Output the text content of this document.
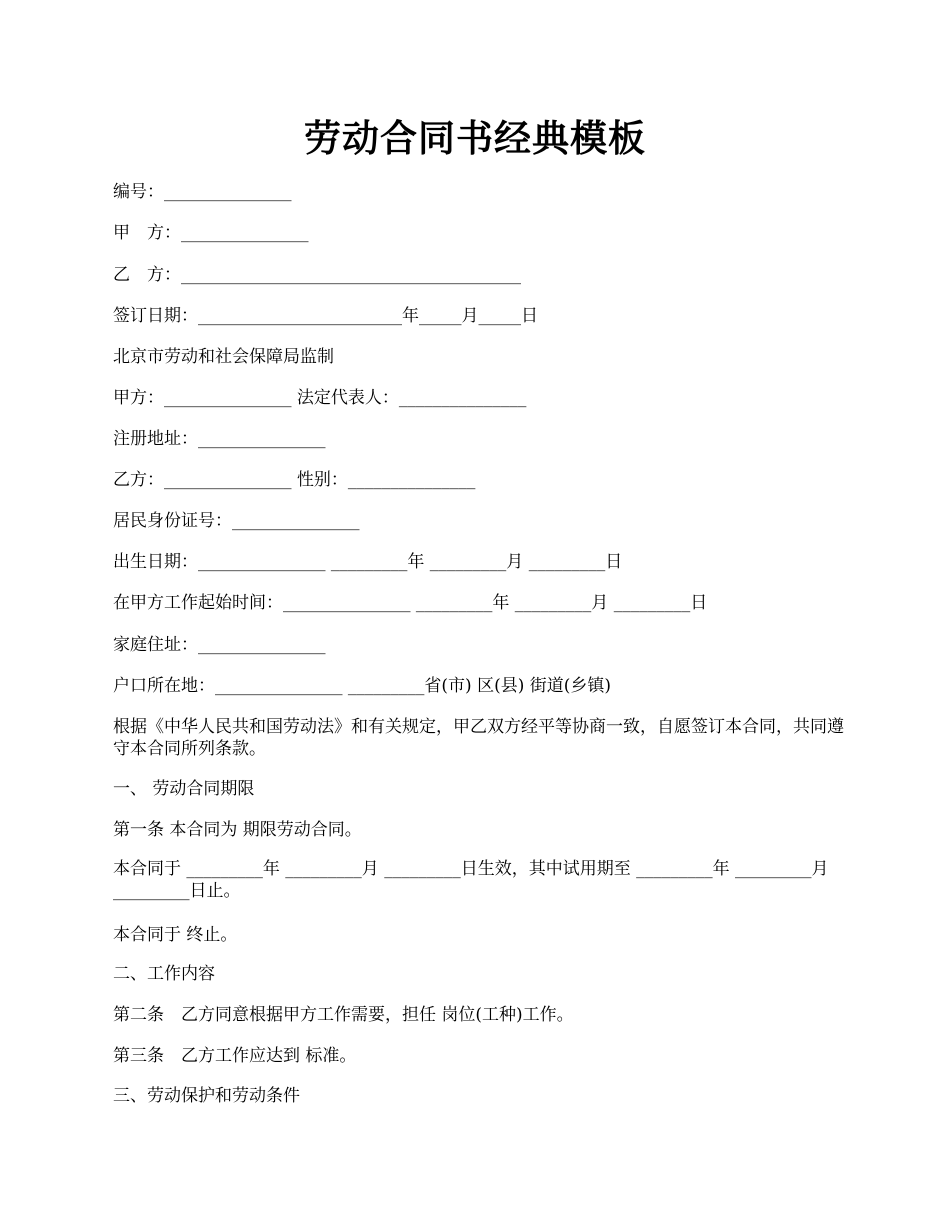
劳动合同书经典模板

编号：_______________

甲　方：_______________

乙　方：________________________________________

签订日期：________________________年_____月_____日

北京市劳动和社会保障局监制

甲方：_______________ 法定代表人：_______________

注册地址：_______________

乙方：_______________ 性别：_______________

居民身份证号：_______________

出生日期：_______________ _________年 _________月 _________日

在甲方工作起始时间：_______________ _________年 _________月 _________日

家庭住址：_______________

户口所在地：_______________ _________省(市) 区(县) 街道(乡镇)

根据《中华人民共和国劳动法》和有关规定，甲乙双方经平等协商一致，自愿签订本合同，共同遵守本合同所列条款。

一、 劳动合同期限

第一条 本合同为 期限劳动合同。

本合同于 _________年 _________月 _________日生效，其中试用期至 _________年 _________月 _________日止。

本合同于 终止。

二、工作内容

第二条　乙方同意根据甲方工作需要，担任 岗位(工种)工作。

第三条　乙方工作应达到 标准。

三、劳动保护和劳动条件
